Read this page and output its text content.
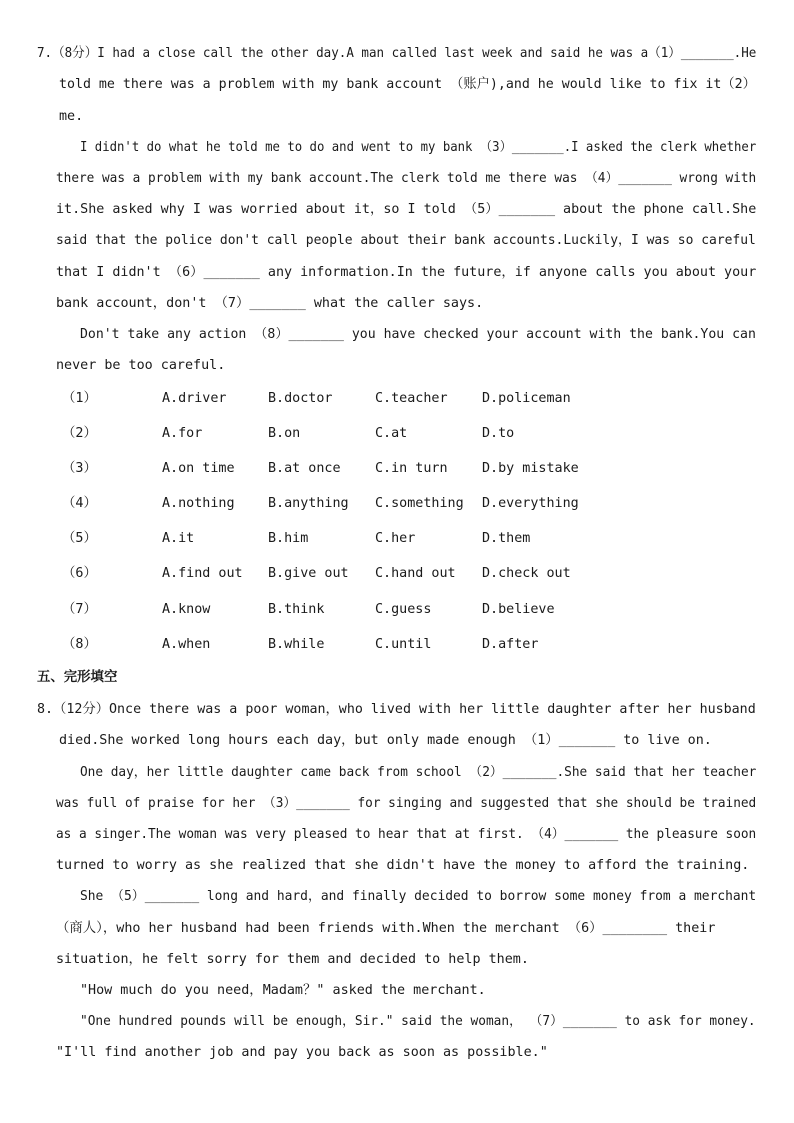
7.（8分）I had a close call the other day.A man called last week and said he was a（1）_______.He
told me there was a problem with my bank account （账户),and he would like to fix it（2）
me.
I didn't do what he told me to do and went to my bank （3）_______.I asked the clerk whether
there was a problem with my bank account.The clerk told me there was （4）_______ wrong with
it.She asked why I was worried about it，so I told （5）_______ about the phone call.She
said that the police don't call people about their bank accounts.Luckily，I was so careful
that I didn't （6）_______ any information.In the future，if anyone calls you about your
bank account，don't （7）_______ what the caller says.
Don't take any action （8）_______ you have checked your account with the bank.You can
never be too careful.
（1）	A.driver	B.doctor	C.teacher	D.policeman
（2）	A.for	B.on	C.at	D.to
（3）	A.on time B.at once	C.in turn	D.by mistake
（4）	A.nothing B.anything C.something D.everything
（5）	A.it	B.him	C.her	D.them
（6）	A.find out B.give out C.hand out D.check out
（7）	A.know	B.think	C.guess	D.believe
（8）	A.when	B.while	C.until	D.after
五、完形填空
8.（12分）Once there was a poor woman，who lived with her little daughter after her husband
died.She worked long hours each day，but only made enough （1）_______ to live on.
One day，her little daughter came back from school （2）_______.She said that her teacher
was full of praise for her （3）_______ for singing and suggested that she should be trained
as a singer.The woman was very pleased to hear that at first. （4）_______ the pleasure soon
turned to worry as she realized that she didn't have the money to afford the training.
She （5）_______ long and hard，and finally decided to borrow some money from a merchant
（商人），who her husband had been friends with.When the merchant （6）________ their
situation，he felt sorry for them and decided to help them.
"How much do you need，Madam？" asked the merchant.
"One hundred pounds will be enough，Sir." said the woman， （7）_______ to ask for money.
"I'll find another job and pay you back as soon as possible."
